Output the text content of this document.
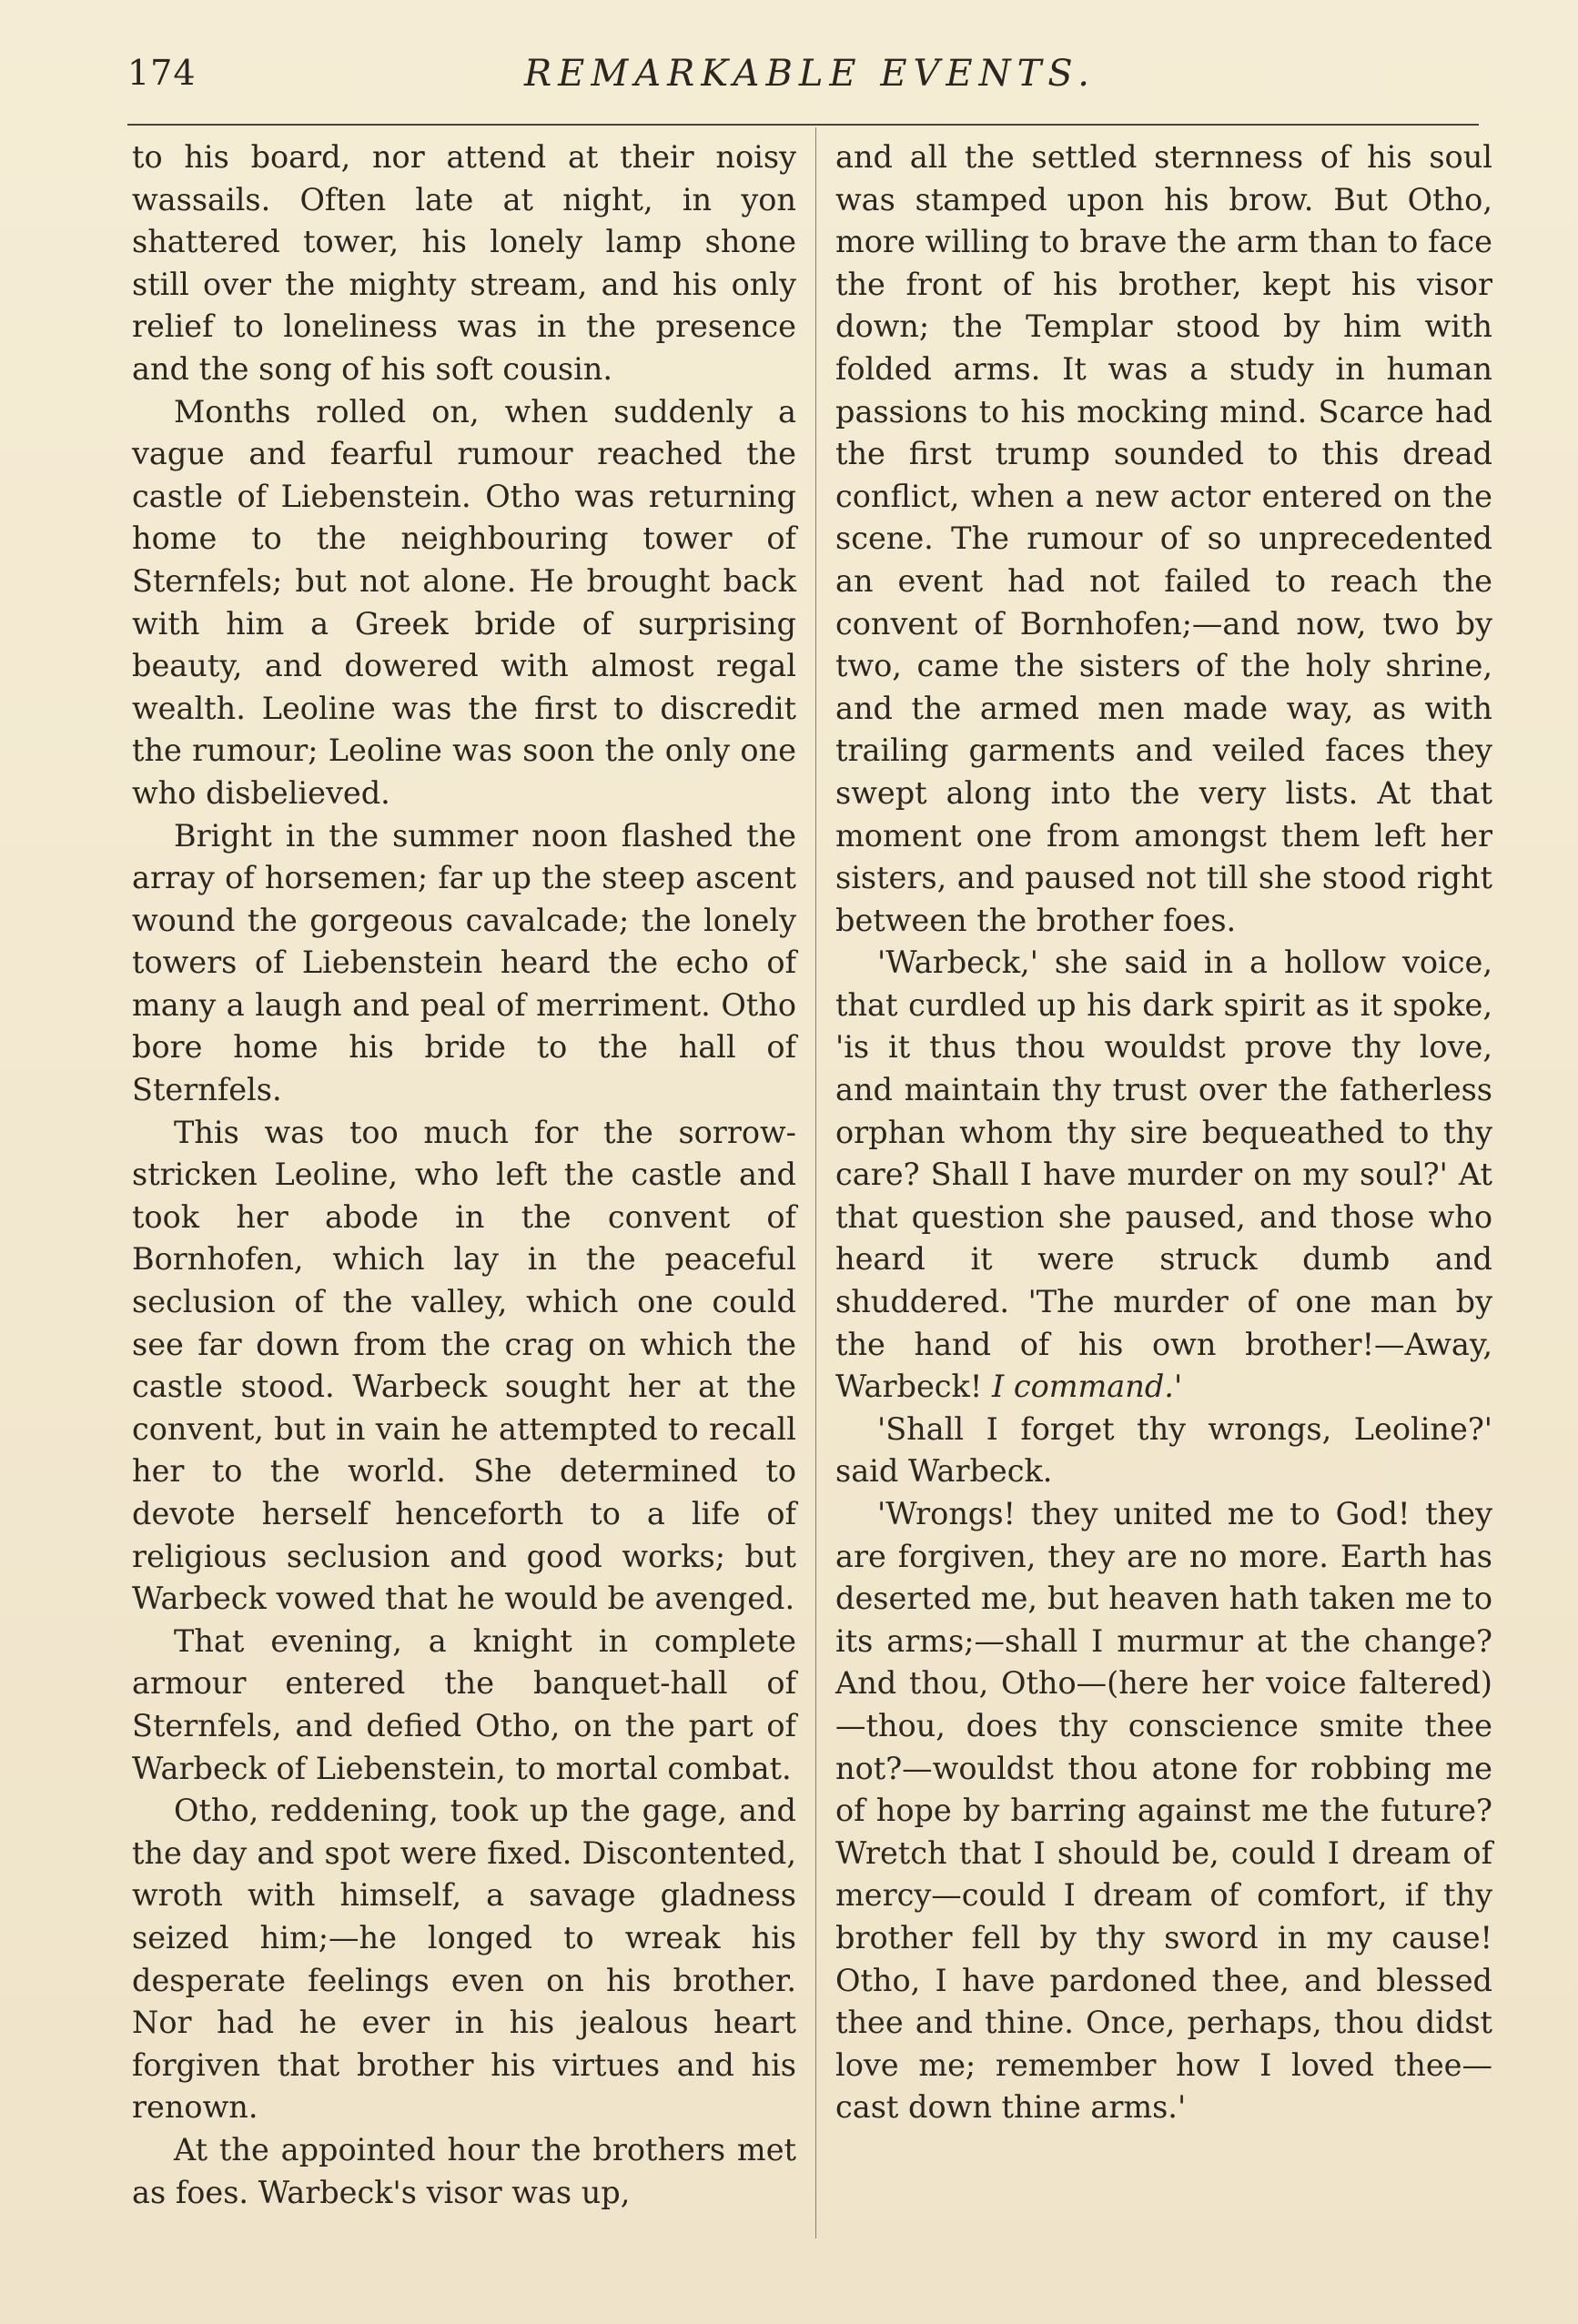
174	REMARKABLE EVENTS.

to his board, nor attend at their noisy wassails. Often late at night, in yon shattered tower, his lonely lamp shone still over the mighty stream, and his only relief to loneliness was in the presence and the song of his soft cousin.

Months rolled on, when suddenly a vague and fearful rumour reached the castle of Liebenstein. Otho was returning home to the neighbouring tower of Sternfels; but not alone. He brought back with him a Greek bride of surprising beauty, and dowered with almost regal wealth. Leoline was the first to discredit the rumour; Leoline was soon the only one who disbelieved.

Bright in the summer noon flashed the array of horsemen; far up the steep ascent wound the gorgeous cavalcade; the lonely towers of Liebenstein heard the echo of many a laugh and peal of merriment. Otho bore home his bride to the hall of Sternfels.

This was too much for the sorrow-stricken Leoline, who left the castle and took her abode in the convent of Bornhofen, which lay in the peaceful seclusion of the valley, which one could see far down from the crag on which the castle stood. Warbeck sought her at the convent, but in vain he attempted to recall her to the world. She determined to devote herself henceforth to a life of religious seclusion and good works; but Warbeck vowed that he would be avenged.

That evening, a knight in complete armour entered the banquet-hall of Sternfels, and defied Otho, on the part of Warbeck of Liebenstein, to mortal combat.

Otho, reddening, took up the gage, and the day and spot were fixed. Discontented, wroth with himself, a savage gladness seized him;—he longed to wreak his desperate feelings even on his brother. Nor had he ever in his jealous heart forgiven that brother his virtues and his renown.

At the appointed hour the brothers met as foes. Warbeck's visor was up,

and all the settled sternness of his soul was stamped upon his brow. But Otho, more willing to brave the arm than to face the front of his brother, kept his visor down; the Templar stood by him with folded arms. It was a study in human passions to his mocking mind. Scarce had the first trump sounded to this dread conflict, when a new actor entered on the scene. The rumour of so unprecedented an event had not failed to reach the convent of Bornhofen;—and now, two by two, came the sisters of the holy shrine, and the armed men made way, as with trailing garments and veiled faces they swept along into the very lists. At that moment one from amongst them left her sisters, and paused not till she stood right between the brother foes.

'Warbeck,' she said in a hollow voice, that curdled up his dark spirit as it spoke, 'is it thus thou wouldst prove thy love, and maintain thy trust over the fatherless orphan whom thy sire bequeathed to thy care? Shall I have murder on my soul?' At that question she paused, and those who heard it were struck dumb and shuddered. 'The murder of one man by the hand of his own brother!—Away, Warbeck! I command.'

'Shall I forget thy wrongs, Leoline?' said Warbeck.

'Wrongs! they united me to God! they are forgiven, they are no more. Earth has deserted me, but heaven hath taken me to its arms;—shall I murmur at the change? And thou, Otho—(here her voice faltered)—thou, does thy conscience smite thee not?—wouldst thou atone for robbing me of hope by barring against me the future? Wretch that I should be, could I dream of mercy—could I dream of comfort, if thy brother fell by thy sword in my cause! Otho, I have pardoned thee, and blessed thee and thine. Once, perhaps, thou didst love me; remember how I loved thee—cast down thine arms.'
